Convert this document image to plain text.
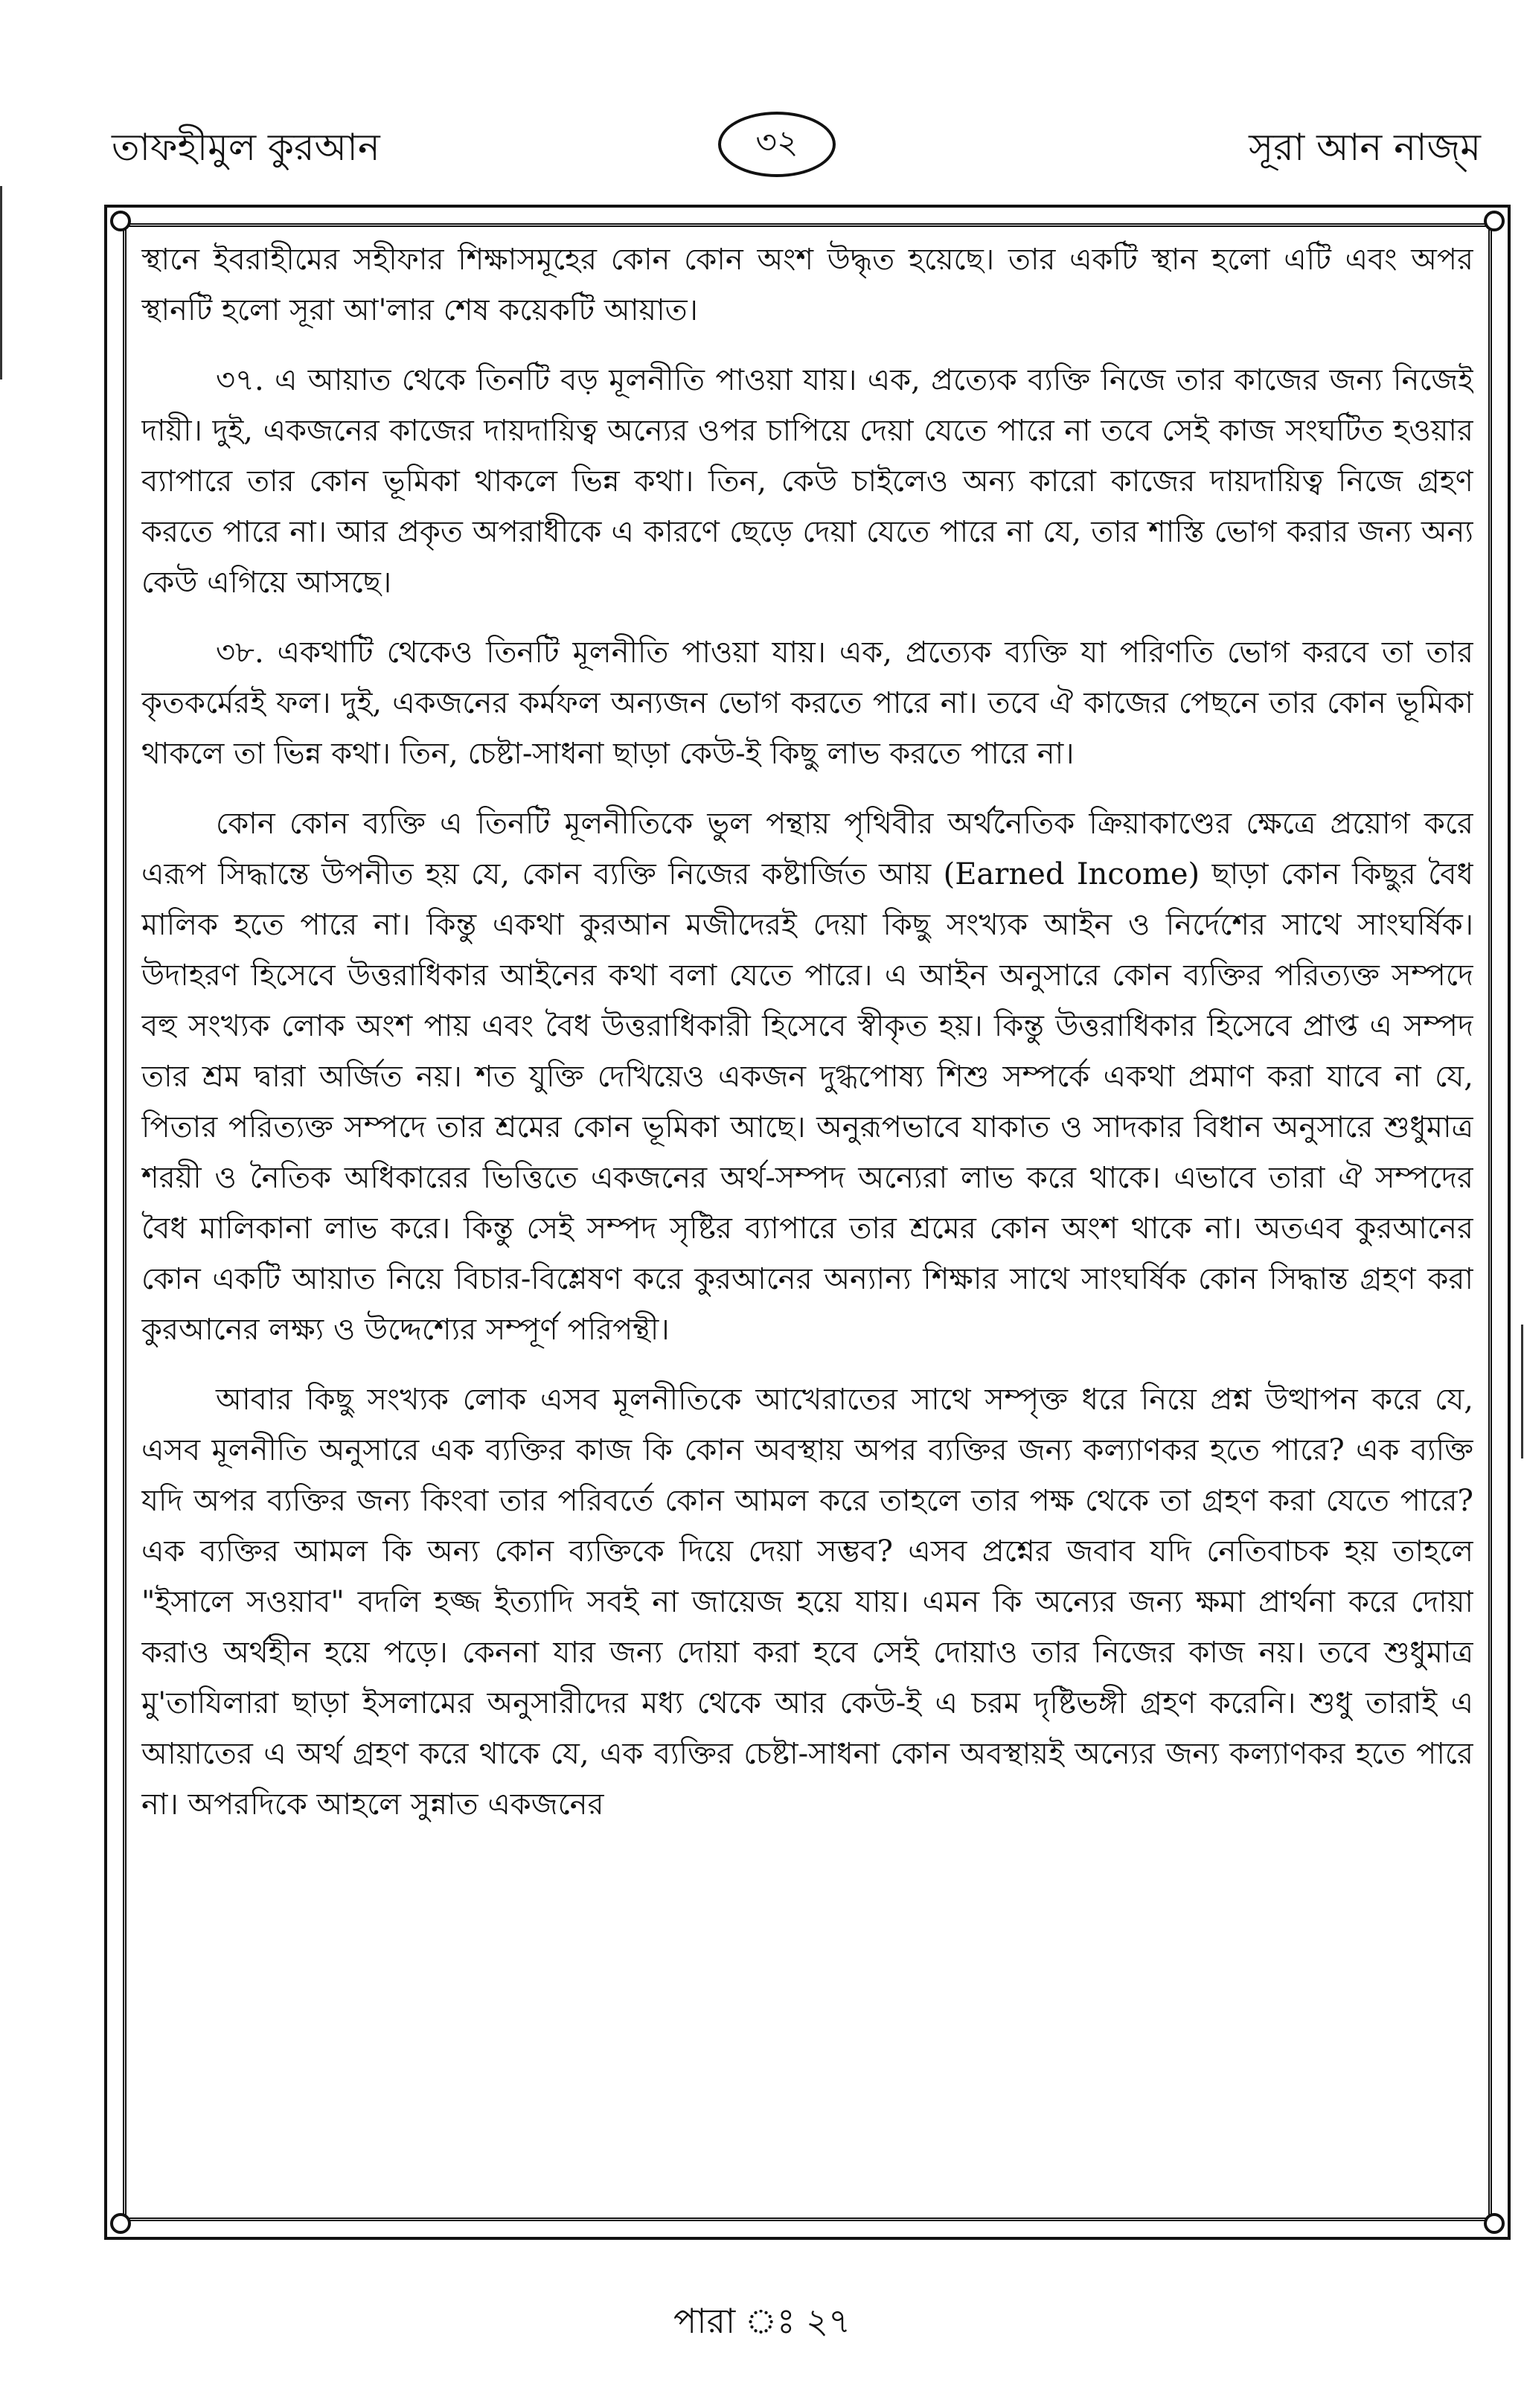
তাফহীমুল কুরআন	৩২	সূরা আন নাজ্‌ম

স্থানে ইবরাহীমের সহীফার শিক্ষাসমূহের কোন কোন অংশ উদ্ধৃত হয়েছে। তার একটি স্থান হলো এটি এবং অপর স্থানটি হলো সূরা আ'লার শেষ কয়েকটি আয়াত।

৩৭. এ আয়াত থেকে তিনটি বড় মূলনীতি পাওয়া যায়। এক, প্রত্যেক ব্যক্তি নিজে তার কাজের জন্য নিজেই দায়ী। দুই, একজনের কাজের দায়দায়িত্ব অন্যের ওপর চাপিয়ে দেয়া যেতে পারে না তবে সেই কাজ সংঘটিত হওয়ার ব্যাপারে তার কোন ভূমিকা থাকলে ভিন্ন কথা। তিন, কেউ চাইলেও অন্য কারো কাজের দায়দায়িত্ব নিজে গ্রহণ করতে পারে না। আর প্রকৃত অপরাধীকে এ কারণে ছেড়ে দেয়া যেতে পারে না যে, তার শাস্তি ভোগ করার জন্য অন্য কেউ এগিয়ে আসছে।

৩৮. একথাটি থেকেও তিনটি মূলনীতি পাওয়া যায়। এক, প্রত্যেক ব্যক্তি যা পরিণতি ভোগ করবে তা তার কৃতকর্মেরই ফল। দুই, একজনের কর্মফল অন্যজন ভোগ করতে পারে না। তবে ঐ কাজের পেছনে তার কোন ভূমিকা থাকলে তা ভিন্ন কথা। তিন, চেষ্টা-সাধনা ছাড়া কেউ-ই কিছু লাভ করতে পারে না।

কোন কোন ব্যক্তি এ তিনটি মূলনীতিকে ভুল পন্থায় পৃথিবীর অর্থনৈতিক ক্রিয়াকাণ্ডের ক্ষেত্রে প্রয়োগ করে এরূপ সিদ্ধান্তে উপনীত হয় যে, কোন ব্যক্তি নিজের কষ্টার্জিত আয় (Earned Income) ছাড়া কোন কিছুর বৈধ মালিক হতে পারে না। কিন্তু একথা কুরআন মজীদেরই দেয়া কিছু সংখ্যক আইন ও নির্দেশের সাথে সাংঘর্ষিক। উদাহরণ হিসেবে উত্তরাধিকার আইনের কথা বলা যেতে পারে। এ আইন অনুসারে কোন ব্যক্তির পরিত্যক্ত সম্পদে বহু সংখ্যক লোক অংশ পায় এবং বৈধ উত্তরাধিকারী হিসেবে স্বীকৃত হয়। কিন্তু উত্তরাধিকার হিসেবে প্রাপ্ত এ সম্পদ তার শ্রম দ্বারা অর্জিত নয়। শত যুক্তি দেখিয়েও একজন দুগ্ধপোষ্য শিশু সম্পর্কে একথা প্রমাণ করা যাবে না যে, পিতার পরিত্যক্ত সম্পদে তার শ্রমের কোন ভূমিকা আছে। অনুরূপভাবে যাকাত ও সাদকার বিধান অনুসারে শুধুমাত্র শরয়ী ও নৈতিক অধিকারের ভিত্তিতে একজনের অর্থ-সম্পদ অন্যেরা লাভ করে থাকে। এভাবে তারা ঐ সম্পদের বৈধ মালিকানা লাভ করে। কিন্তু সেই সম্পদ সৃষ্টির ব্যাপারে তার শ্রমের কোন অংশ থাকে না। অতএব কুরআনের কোন একটি আয়াত নিয়ে বিচার-বিশ্লেষণ করে কুরআনের অন্যান্য শিক্ষার সাথে সাংঘর্ষিক কোন সিদ্ধান্ত গ্রহণ করা কুরআনের লক্ষ্য ও উদ্দেশ্যের সম্পূর্ণ পরিপন্থী।

আবার কিছু সংখ্যক লোক এসব মূলনীতিকে আখেরাতের সাথে সম্পৃক্ত ধরে নিয়ে প্রশ্ন উত্থাপন করে যে, এসব মূলনীতি অনুসারে এক ব্যক্তির কাজ কি কোন অবস্থায় অপর ব্যক্তির জন্য কল্যাণকর হতে পারে? এক ব্যক্তি যদি অপর ব্যক্তির জন্য কিংবা তার পরিবর্তে কোন আমল করে তাহলে তার পক্ষ থেকে তা গ্রহণ করা যেতে পারে? এক ব্যক্তির আমল কি অন্য কোন ব্যক্তিকে দিয়ে দেয়া সম্ভব? এসব প্রশ্নের জবাব যদি নেতিবাচক হয় তাহলে "ইসালে সওয়াব" বদলি হজ্জ ইত্যাদি সবই না জায়েজ হয়ে যায়। এমন কি অন্যের জন্য ক্ষমা প্রার্থনা করে দোয়া করাও অর্থহীন হয়ে পড়ে। কেননা যার জন্য দোয়া করা হবে সেই দোয়াও তার নিজের কাজ নয়। তবে শুধুমাত্র মু'তাযিলারা ছাড়া ইসলামের অনুসারীদের মধ্য থেকে আর কেউ-ই এ চরম দৃষ্টিভঙ্গী গ্রহণ করেনি। শুধু তারাই এ আয়াতের এ অর্থ গ্রহণ করে থাকে যে, এক ব্যক্তির চেষ্টা-সাধনা কোন অবস্থায়ই অন্যের জন্য কল্যাণকর হতে পারে না। অপরদিকে আহলে সুন্নাত একজনের

পারা ঃ ২৭
